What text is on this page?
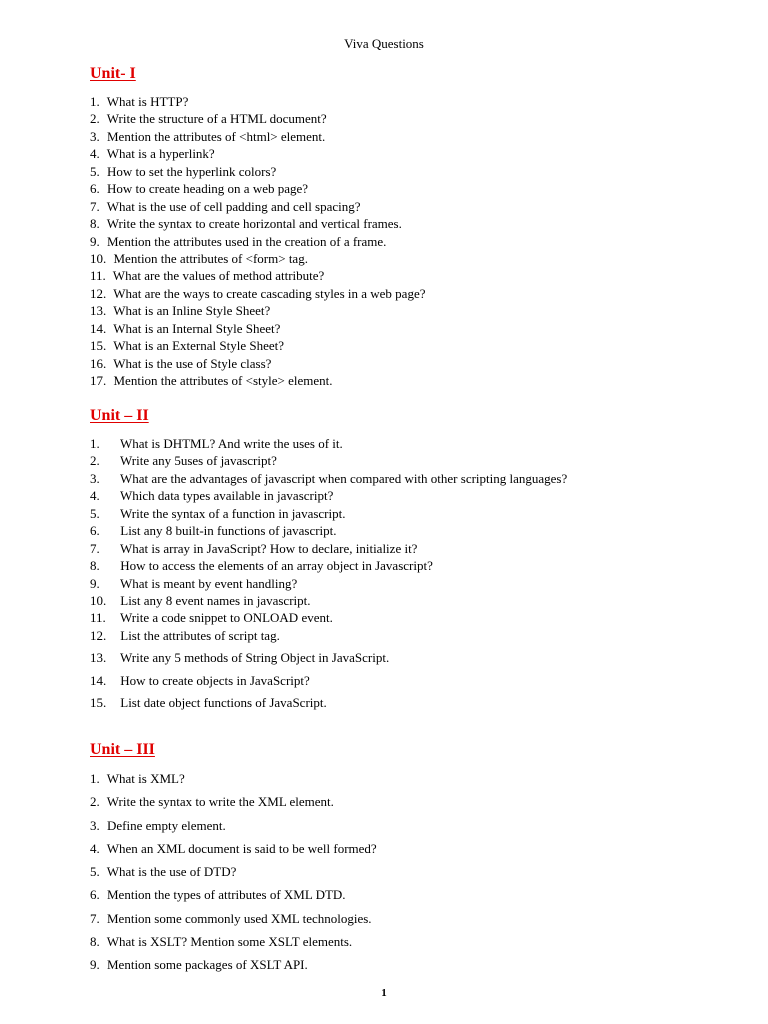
Viva Questions
Unit- I
1. What is HTTP?
2. Write the structure of a HTML document?
3. Mention the attributes of <html> element.
4. What is a hyperlink?
5. How to set the hyperlink colors?
6. How to create heading on a web page?
7. What is the use of cell padding and cell spacing?
8. Write the syntax to create horizontal and vertical frames.
9. Mention the attributes used in the creation of a frame.
10. Mention the attributes of <form> tag.
11. What are the values of method attribute?
12. What are the ways to create cascading styles in a web page?
13. What is an Inline Style Sheet?
14. What is an Internal Style Sheet?
15. What is an External Style Sheet?
16. What is the use of Style class?
17. Mention the attributes of <style> element.
Unit – II
1. What is DHTML? And write the uses of it.
2. Write any 5uses of javascript?
3. What are the advantages of javascript when compared with other scripting languages?
4. Which data types available in javascript?
5. Write the syntax of a function in javascript.
6. List any 8 built-in functions of javascript.
7. What is array in JavaScript? How to declare, initialize it?
8. How to access the elements of an array object in Javascript?
9. What is meant by event handling?
10. List any 8 event names in javascript.
11. Write a code snippet to ONLOAD event.
12. List the attributes of script tag.
13. Write any 5 methods of String Object in JavaScript.
14. How to create objects in JavaScript?
15. List date object functions of JavaScript.
Unit – III
1. What is XML?
2. Write the syntax to write the XML element.
3. Define empty element.
4. When an XML document is said to be well formed?
5. What is the use of DTD?
6. Mention the types of attributes of XML DTD.
7. Mention some commonly used XML technologies.
8. What is XSLT? Mention some XSLT elements.
9. Mention some packages of XSLT API.
1
